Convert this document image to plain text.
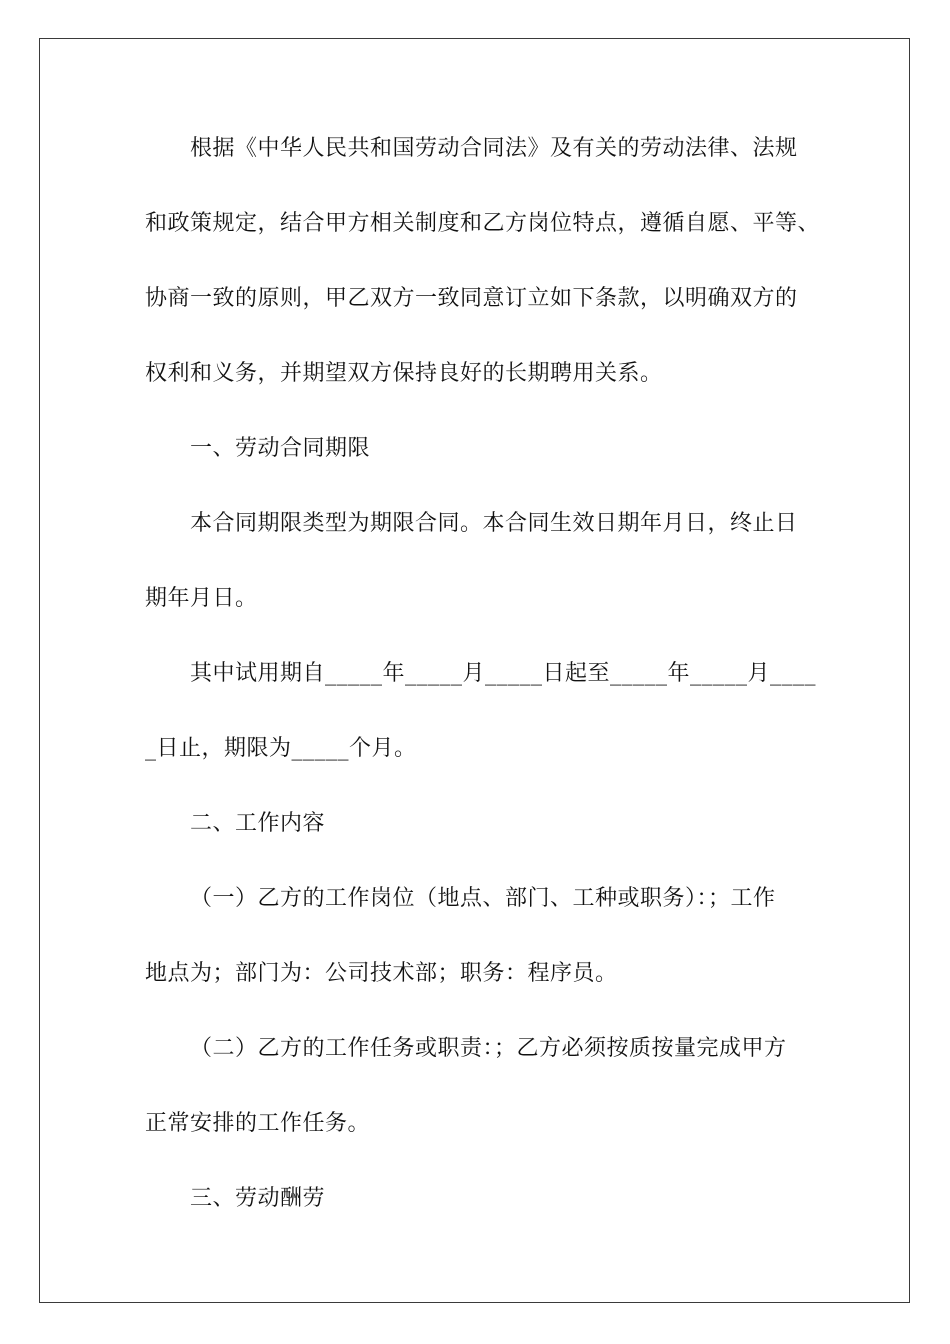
根据《中华人民共和国劳动合同法》及有关的劳动法律、法规
和政策规定，结合甲方相关制度和乙方岗位特点，遵循自愿、平等、
协商一致的原则，甲乙双方一致同意订立如下条款，以明确双方的
权利和义务，并期望双方保持良好的长期聘用关系。
一、劳动合同期限
本合同期限类型为期限合同。本合同生效日期年月日，终止日
期年月日。
其中试用期自_____年_____月_____日起至_____年_____月____
_日止，期限为_____个月。
二、工作内容
（一）乙方的工作岗位（地点、部门、工种或职务）：；工作
地点为；部门为：公司技术部；职务：程序员。
（二）乙方的工作任务或职责：；乙方必须按质按量完成甲方
正常安排的工作任务。
三、劳动酬劳
